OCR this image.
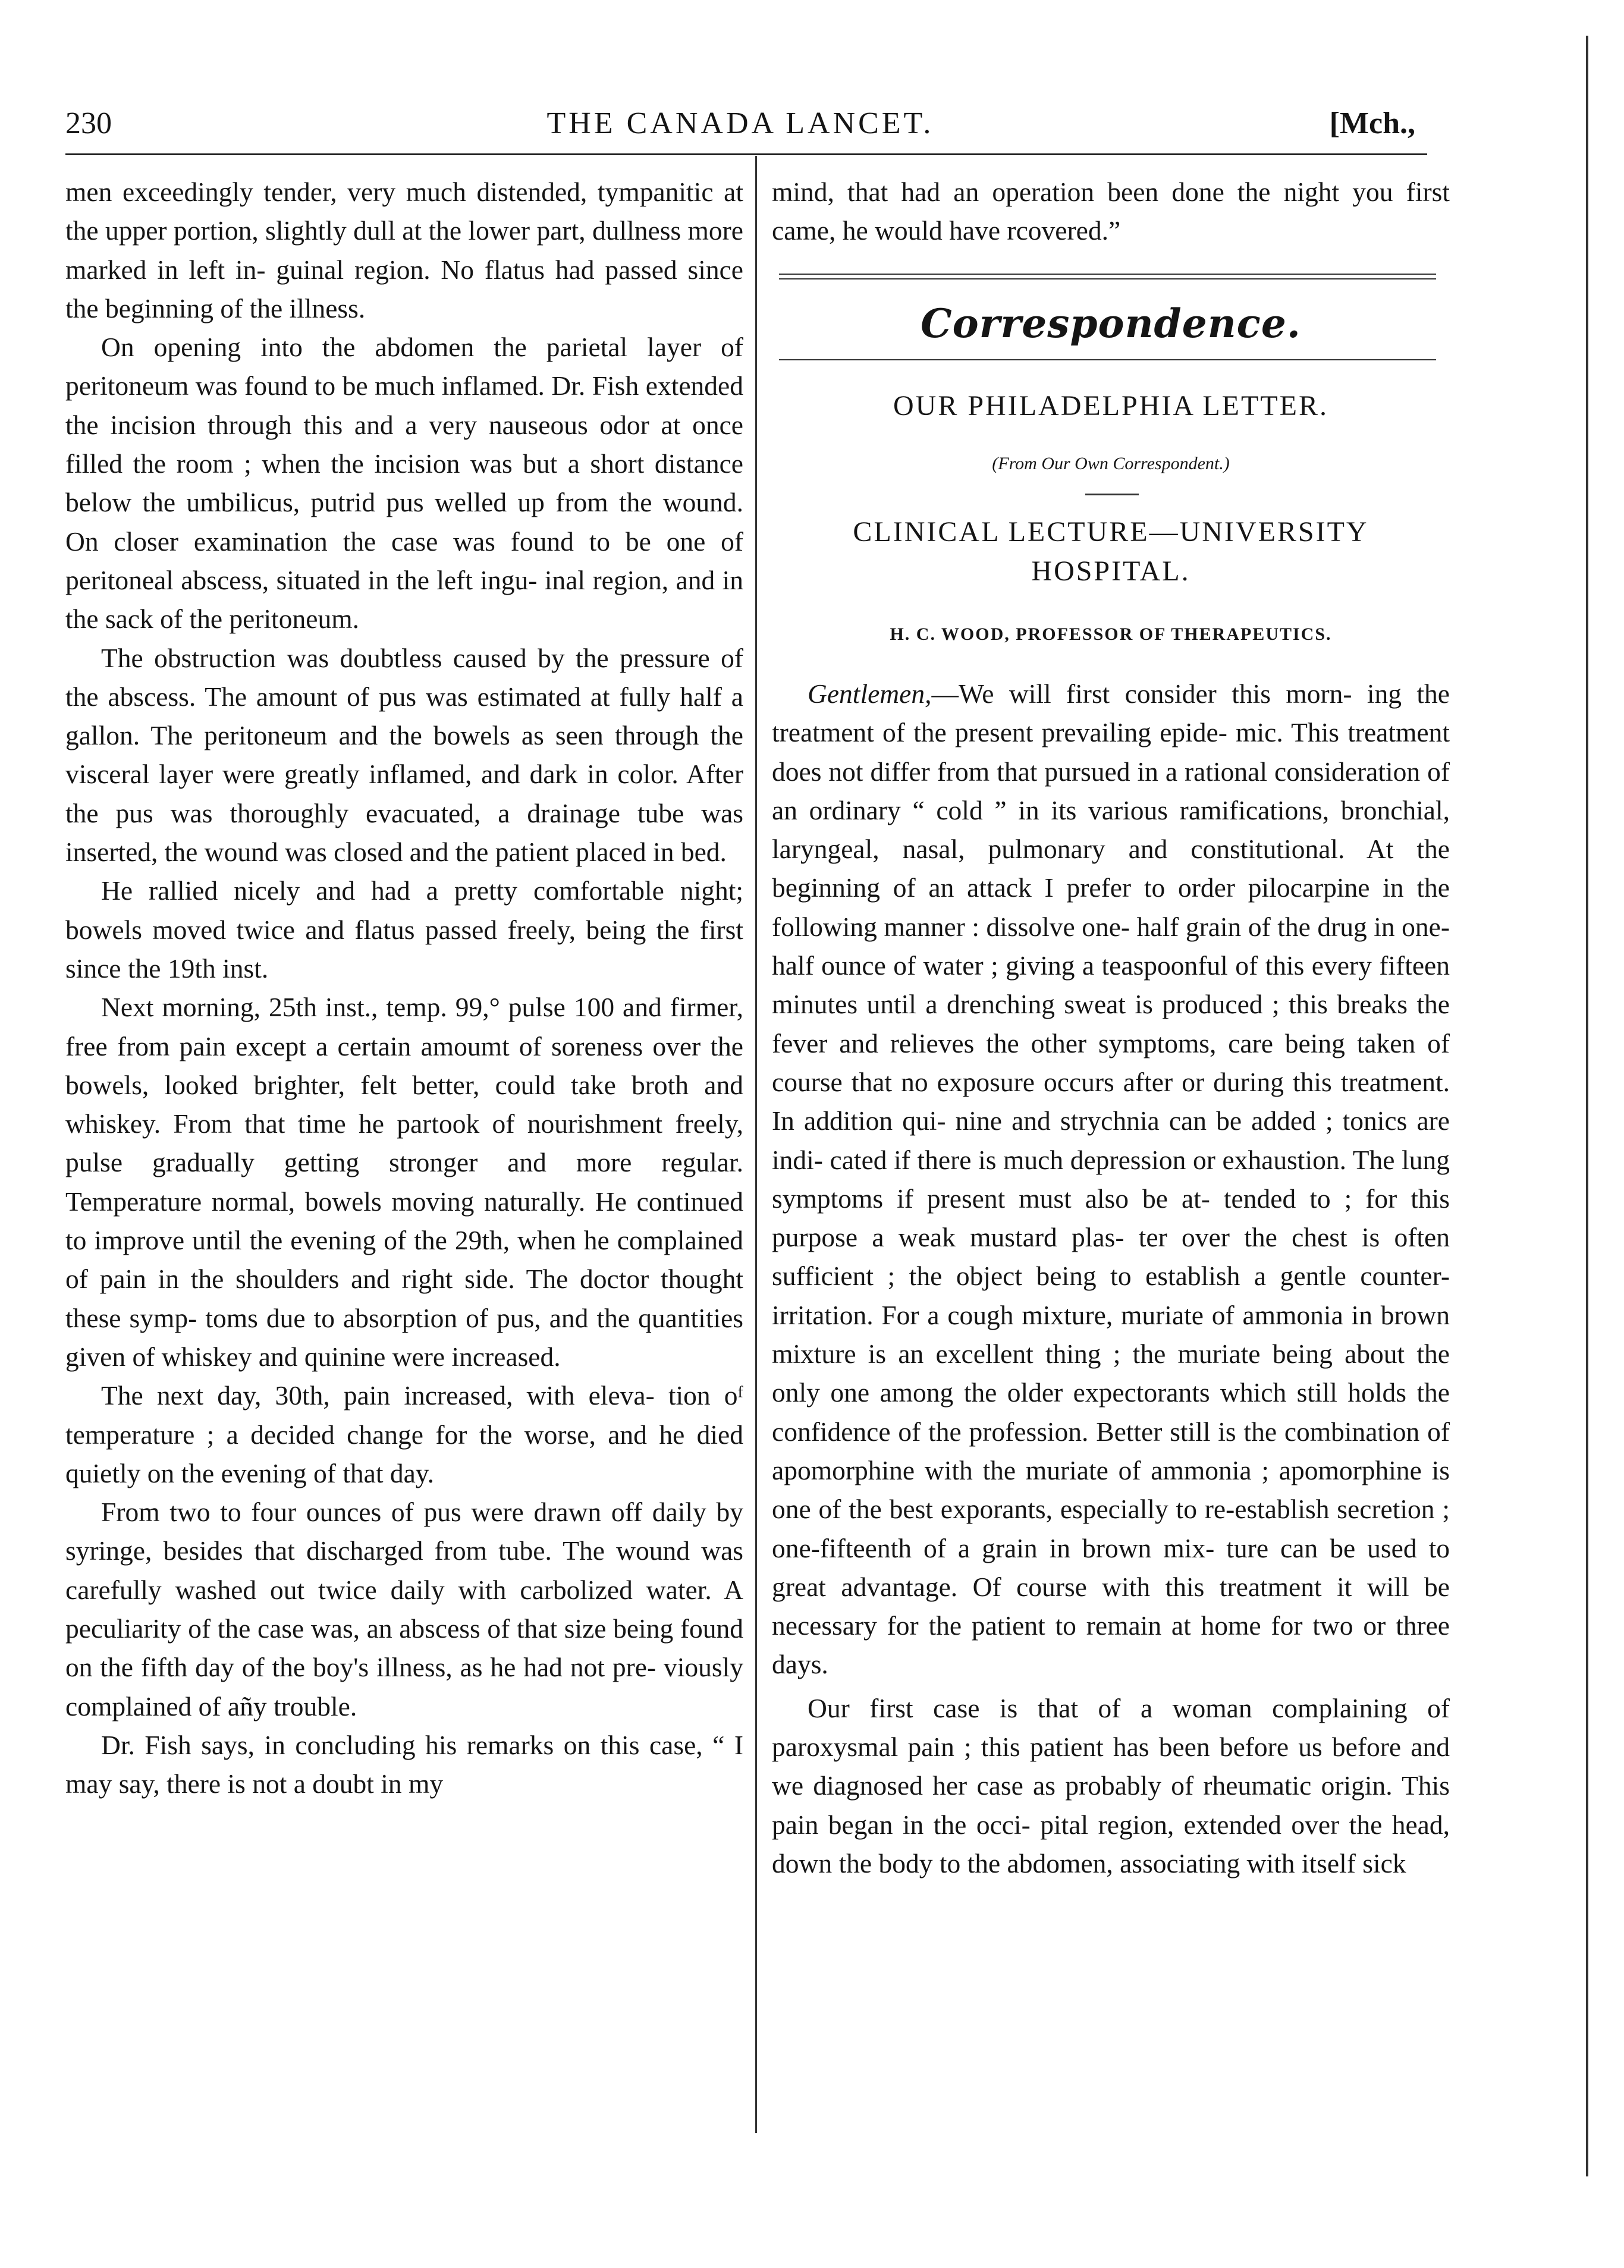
230	THE CANADA LANCET.	[Mch.,

men exceedingly tender, very much distended, tympanitic at the upper portion, slightly dull at the lower part, dullness more marked in left in- guinal region. No flatus had passed since the beginning of the illness.

On opening into the abdomen the parietal layer of peritoneum was found to be much inflamed. Dr. Fish extended the incision through this and a very nauseous odor at once filled the room ; when the incision was but a short distance below the umbilicus, putrid pus welled up from the wound. On closer examination the case was found to be one of peritoneal abscess, situated in the left ingu- inal region, and in the sack of the peritoneum.

The obstruction was doubtless caused by the pressure of the abscess. The amount of pus was estimated at fully half a gallon. The peritoneum and the bowels as seen through the visceral layer were greatly inflamed, and dark in color. After the pus was thoroughly evacuated, a drainage tube was inserted, the wound was closed and the patient placed in bed.

He rallied nicely and had a pretty comfortable night; bowels moved twice and flatus passed freely, being the first since the 19th inst.

Next morning, 25th inst., temp. 99,° pulse 100 and firmer, free from pain except a certain amoumt of soreness over the bowels, looked brighter, felt better, could take broth and whiskey. From that time he partook of nourishment freely, pulse gradually getting stronger and more regular. Temperature normal, bowels moving naturally. He continued to improve until the evening of the 29th, when he complained of pain in the shoulders and right side. The doctor thought these symp- toms due to absorption of pus, and the quantities given of whiskey and quinine were increased.

The next day, 30th, pain increased, with eleva- tion oᶠ temperature ; a decided change for the worse, and he died quietly on the evening of that day.

From two to four ounces of pus were drawn off daily by syringe, besides that discharged from tube. The wound was carefully washed out twice daily with carbolized water. A peculiarity of the case was, an abscess of that size being found on the fifth day of the boy's illness, as he had not pre- viously complained of añy trouble.

Dr. Fish says, in concluding his remarks on this case, “ I may say, there is not a doubt in my

mind, that had an operation been done the night you first came, he would have rcovered.”

Correspondence.
OUR PHILADELPHIA LETTER.
(From Our Own Correspondent.)
CLINICAL LECTURE—UNIVERSITY
HOSPITAL.
H. C. WOOD, PROFESSOR OF THERAPEUTICS.

Gentlemen,—We will first consider this morn- ing the treatment of the present prevailing epide- mic. This treatment does not differ from that pursued in a rational consideration of an ordinary “ cold ” in its various ramifications, bronchial, laryngeal, nasal, pulmonary and constitutional. At the beginning of an attack I prefer to order pilocarpine in the following manner : dissolve one- half grain of the drug in one-half ounce of water ; giving a teaspoonful of this every fifteen minutes until a drenching sweat is produced ; this breaks the fever and relieves the other symptoms, care being taken of course that no exposure occurs after or during this treatment. In addition qui- nine and strychnia can be added ; tonics are indi- cated if there is much depression or exhaustion. The lung symptoms if present must also be at- tended to ; for this purpose a weak mustard plas- ter over the chest is often sufficient ; the object being to establish a gentle counter-irritation. For a cough mixture, muriate of ammonia in brown mixture is an excellent thing ; the muriate being about the only one among the older expectorants which still holds the confidence of the profession. Better still is the combination of apomorphine with the muriate of ammonia ; apomorphine is one of the best exporants, especially to re-establish secretion ; one-fifteenth of a grain in brown mix- ture can be used to great advantage. Of course with this treatment it will be necessary for the patient to remain at home for two or three days.

Our first case is that of a woman complaining of paroxysmal pain ; this patient has been before us before and we diagnosed her case as probably of rheumatic origin. This pain began in the occi- pital region, extended over the head, down the body to the abdomen, associating with itself sick
